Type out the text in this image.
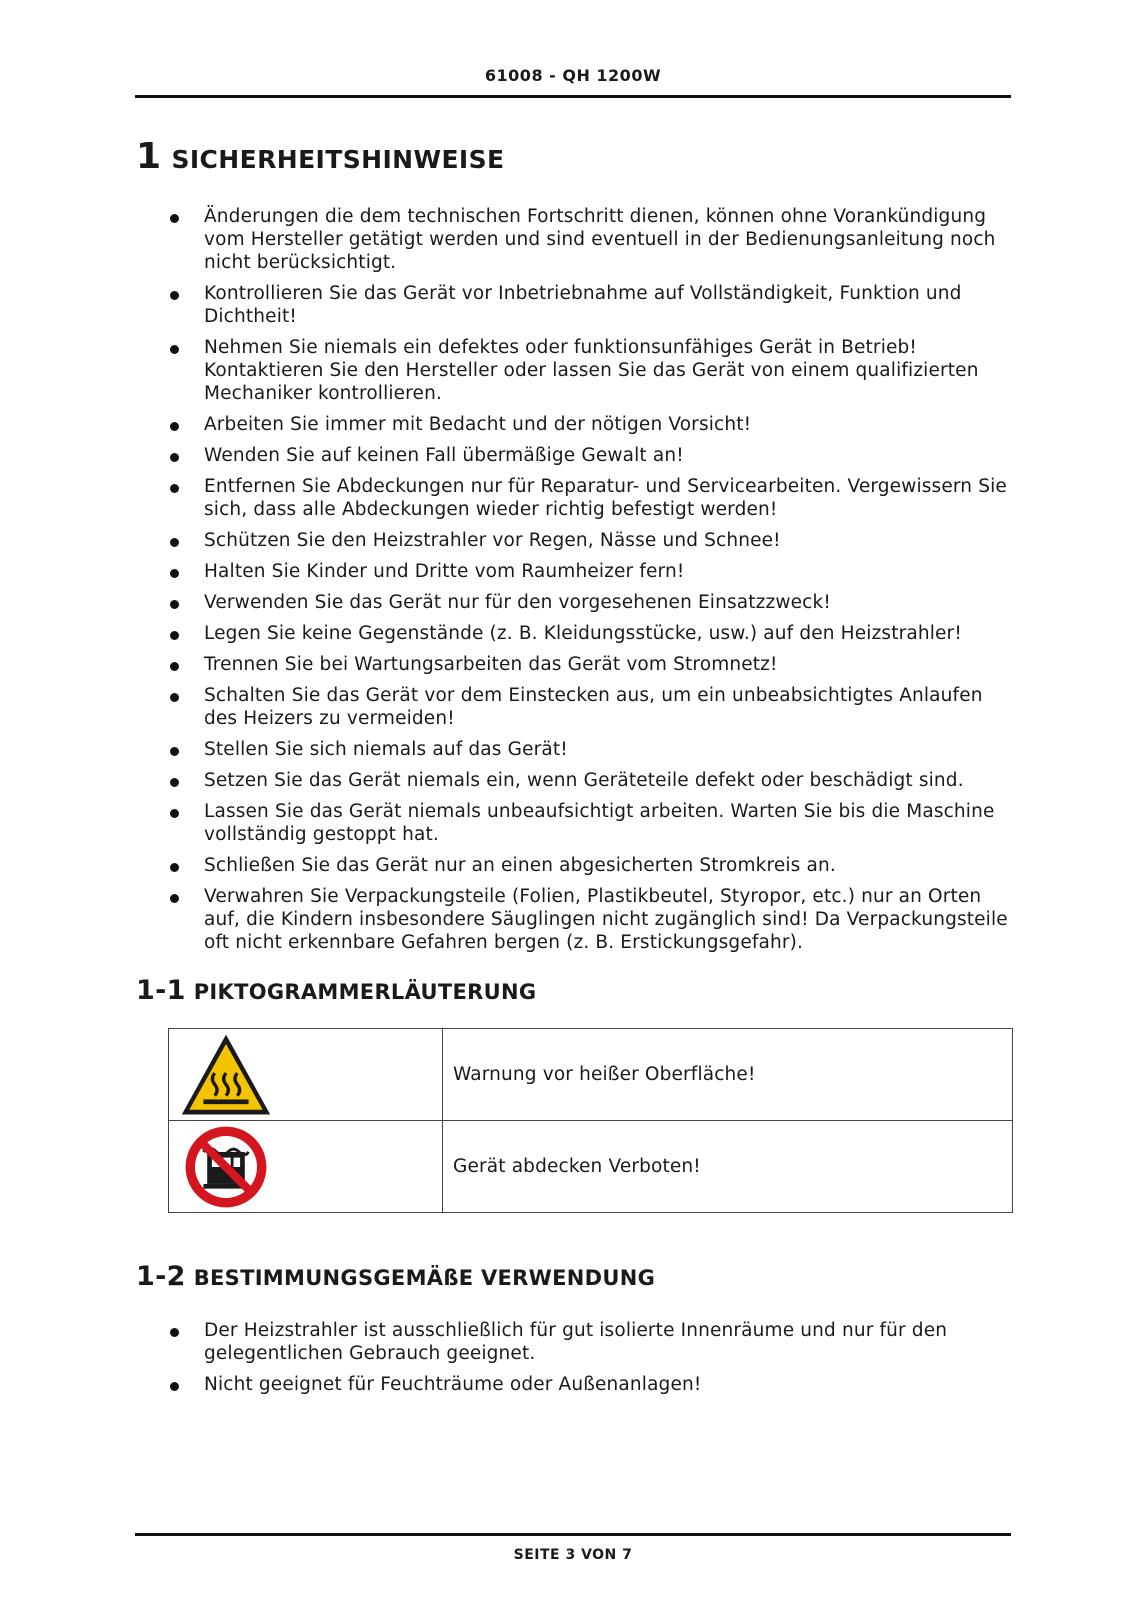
61008 - QH 1200W
1 SICHERHEITSHINWEISE
Änderungen die dem technischen Fortschritt dienen, können ohne Vorankündigung vom Hersteller getätigt werden und sind eventuell in der Bedienungsanleitung noch nicht berücksichtigt.
Kontrollieren Sie das Gerät vor Inbetriebnahme auf Vollständigkeit, Funktion und Dichtheit!
Nehmen Sie niemals ein defektes oder funktionsunfähiges Gerät in Betrieb! Kontaktieren Sie den Hersteller oder lassen Sie das Gerät von einem qualifizierten Mechaniker kontrollieren.
Arbeiten Sie immer mit Bedacht und der nötigen Vorsicht!
Wenden Sie auf keinen Fall übermäßige Gewalt an!
Entfernen Sie Abdeckungen nur für Reparatur- und Servicearbeiten. Vergewissern Sie sich, dass alle Abdeckungen wieder richtig befestigt werden!
Schützen Sie den Heizstrahler vor Regen, Nässe und Schnee!
Halten Sie Kinder und Dritte vom Raumheizer fern!
Verwenden Sie das Gerät nur für den vorgesehenen Einsatzzweck!
Legen Sie keine Gegenstände (z. B. Kleidungsstücke, usw.) auf den Heizstrahler!
Trennen Sie bei Wartungsarbeiten das Gerät vom Stromnetz!
Schalten Sie das Gerät vor dem Einstecken aus, um ein unbeabsichtigtes Anlaufen des Heizers zu vermeiden!
Stellen Sie sich niemals auf das Gerät!
Setzen Sie das Gerät niemals ein, wenn Geräteteile defekt oder beschädigt sind.
Lassen Sie das Gerät niemals unbeaufsichtigt arbeiten. Warten Sie bis die Maschine vollständig gestoppt hat.
Schließen Sie das Gerät nur an einen abgesicherten Stromkreis an.
Verwahren Sie Verpackungsteile (Folien, Plastikbeutel, Styropor, etc.) nur an Orten auf, die Kindern insbesondere Säuglingen nicht zugänglich sind! Da Verpackungsteile oft nicht erkennbare Gefahren bergen (z. B. Erstickungsgefahr).
1-1 PIKTOGRAMMERLÄUTERUNG
	Warnung vor heißer Oberfläche!

	Gerät abdecken Verboten!
1-2 BESTIMMUNGSGEMÄßE VERWENDUNG
Der Heizstrahler ist ausschließlich für gut isolierte Innenräume und nur für den gelegentlichen Gebrauch geeignet.
Nicht geeignet für Feuchträume oder Außenanlagen!
SEITE 3 VON 7
